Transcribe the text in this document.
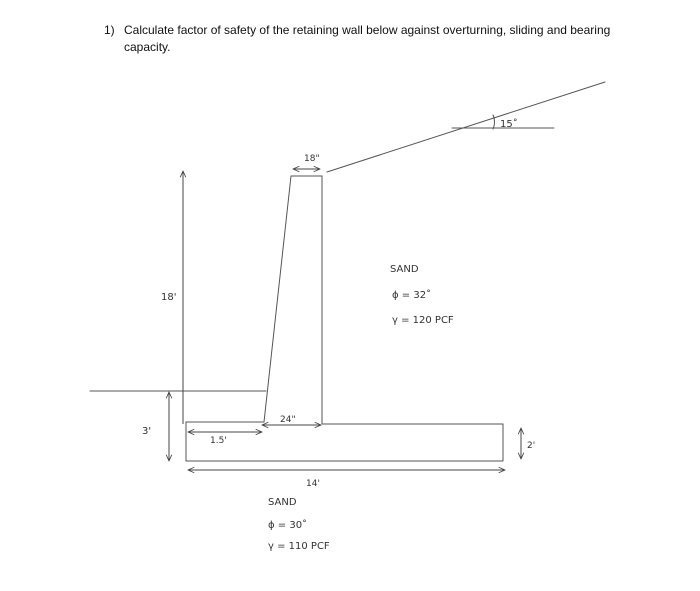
1) Calculate factor of safety of the retaining wall below against overturning, sliding and bearing capacity.
15˚
18"
18'
24"
1.5'
3'
2'
14'
SAND
ϕ = 32˚
γ = 120 PCF
SAND
ϕ = 30˚
γ = 110 PCF
